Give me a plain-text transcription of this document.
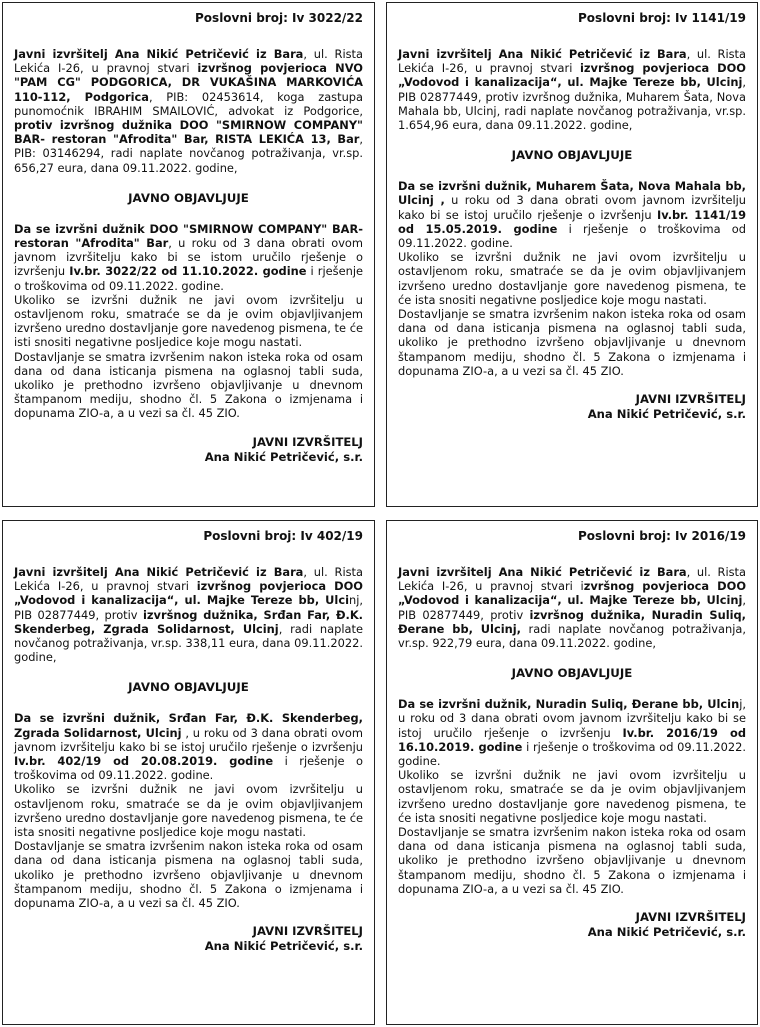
Poslovni broj: Iv 3022/22

Javni izvršitelj Ana Nikić Petričević iz Bara, ul. Rista Lekića I-26, u pravnoj stvari izvršnog povjerioca NVO "PAM CG" PODGORICA, DR VUKAŠINA MARKOVIĆA 110-112, Podgorica, PIB: 02453614, koga zastupa punomoćnik IBRAHIM SMAILOVIĆ, advokat iz Podgorice, protiv izvršnog dužnika DOO "SMIRNOW COMPANY" BAR- restoran "Afrodita" Bar, RISTA LEKIĆA 13, Bar, PIB: 03146294, radi naplate novčanog potraživanja, vr.sp. 656,27 eura, dana 09.11.2022. godine,

JAVNO OBJAVLJUJE

Da se izvršni dužnik DOO "SMIRNOW COMPANY" BAR- restoran "Afrodita" Bar, u roku od 3 dana obrati ovom javnom izvršitelju kako bi se istom uručilo rješenje o izvršenju Iv.br. 3022/22 od 11.10.2022. godine i rješenje o troškovima od 09.11.2022. godine.

Ukoliko se izvršni dužnik ne javi ovom izvršitelju u ostavljenom roku, smatraće se da je ovim objavljivanjem izvršeno uredno dostavljanje gore navedenog pismena, te će isti snositi negativne posljedice koje mogu nastati.

Dostavljanje se smatra izvršenim nakon isteka roka od osam dana od dana isticanja pismena na oglasnoj tabli suda, ukoliko je prethodno izvršeno objavljivanje u dnevnom štampanom mediju, shodno čl. 5 Zakona o izmjenama i dopunama ZIO-a, a u vezi sa čl. 45 ZIO.

JAVNI IZVRŠITELJ
Ana Nikić Petričević, s.r.
Poslovni broj: Iv 1141/19

Javni izvršitelj Ana Nikić Petričević iz Bara, ul. Rista Lekića I-26, u pravnoj stvari izvršnog povjerioca DOO „Vodovod i kanalizacija“, ul. Majke Tereze bb, Ulcinj, PIB 02877449, protiv izvršnog dužnika, Muharem Šata, Nova Mahala bb, Ulcinj, radi naplate novčanog potraživanja, vr.sp. 1.654,96 eura, dana 09.11.2022. godine,

JAVNO OBJAVLJUJE

Da se izvršni dužnik, Muharem Šata, Nova Mahala bb, Ulcinj , u roku od 3 dana obrati ovom javnom izvršitelju kako bi se istoj uručilo rješenje o izvršenju Iv.br. 1141/19 od 15.05.2019. godine i rješenje o troškovima od 09.11.2022. godine.

Ukoliko se izvršni dužnik ne javi ovom izvršitelju u ostavljenom roku, smatraće se da je ovim objavljivanjem izvršeno uredno dostavljanje gore navedenog pismena, te će ista snositi negativne posljedice koje mogu nastati.

Dostavljanje se smatra izvršenim nakon isteka roka od osam dana od dana isticanja pismena na oglasnoj tabli suda, ukoliko je prethodno izvršeno objavljivanje u dnevnom štampanom mediju, shodno čl. 5 Zakona o izmjenama i dopunama ZIO-a, a u vezi sa čl. 45 ZIO.

JAVNI IZVRŠITELJ
Ana Nikić Petričević, s.r.
Poslovni broj: Iv 402/19

Javni izvršitelj Ana Nikić Petričević iz Bara, ul. Rista Lekića I-26, u pravnoj stvari izvršnog povjerioca DOO „Vodovod i kanalizacija“, ul. Majke Tereze bb, Ulcinj, PIB 02877449, protiv izvršnog dužnika, Srđan Far, Đ.K. Skenderbeg, Zgrada Solidarnost, Ulcinj, radi naplate novčanog potraživanja, vr.sp. 338,11 eura, dana 09.11.2022. godine,

JAVNO OBJAVLJUJE

Da se izvršni dužnik, Srđan Far, Đ.K. Skenderbeg, Zgrada Solidarnost, Ulcinj , u roku od 3 dana obrati ovom javnom izvršitelju kako bi se istoj uručilo rješenje o izvršenju Iv.br. 402/19 od 20.08.2019. godine i rješenje o troškovima od 09.11.2022. godine.

Ukoliko se izvršni dužnik ne javi ovom izvršitelju u ostavljenom roku, smatraće se da je ovim objavljivanjem izvršeno uredno dostavljanje gore navedenog pismena, te će ista snositi negativne posljedice koje mogu nastati.

Dostavljanje se smatra izvršenim nakon isteka roka od osam dana od dana isticanja pismena na oglasnoj tabli suda, ukoliko je prethodno izvršeno objavljivanje u dnevnom štampanom mediju, shodno čl. 5 Zakona o izmjenama i dopunama ZIO-a, a u vezi sa čl. 45 ZIO.

JAVNI IZVRŠITELJ
Ana Nikić Petričević, s.r.
Poslovni broj: Iv 2016/19

Javni izvršitelj Ana Nikić Petričević iz Bara, ul. Rista Lekića I-26, u pravnoj stvari izvršnog povjerioca DOO „Vodovod i kanalizacija“, ul. Majke Tereze bb, Ulcinj, PIB 02877449, protiv izvršnog dužnika, Nuradin Suliq, Đerane bb, Ulcinj, radi naplate novčanog potraživanja, vr.sp. 922,79 eura, dana 09.11.2022. godine,

JAVNO OBJAVLJUJE

Da se izvršni dužnik, Nuradin Suliq, Đerane bb, Ulcinj, u roku od 3 dana obrati ovom javnom izvršitelju kako bi se istoj uručilo rješenje o izvršenju Iv.br. 2016/19 od 16.10.2019. godine i rješenje o troškovima od 09.11.2022. godine.

Ukoliko se izvršni dužnik ne javi ovom izvršitelju u ostavljenom roku, smatraće se da je ovim objavljivanjem izvršeno uredno dostavljanje gore navedenog pismena, te će ista snositi negativne posljedice koje mogu nastati.

Dostavljanje se smatra izvršenim nakon isteka roka od osam dana od dana isticanja pismena na oglasnoj tabli suda, ukoliko je prethodno izvršeno objavljivanje u dnevnom štampanom mediju, shodno čl. 5 Zakona o izmjenama i dopunama ZIO-a, a u vezi sa čl. 45 ZIO.

JAVNI IZVRŠITELJ
Ana Nikić Petričević, s.r.
